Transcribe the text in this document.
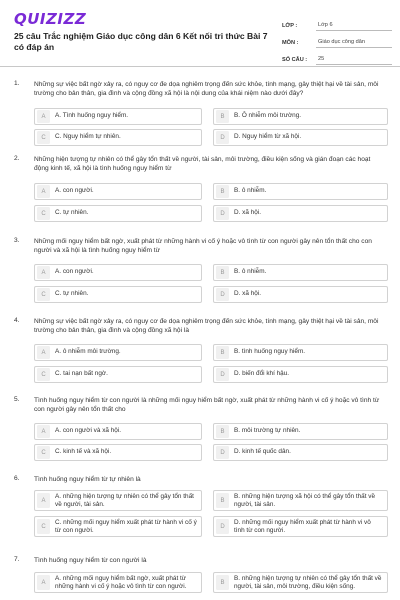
QUIZIZZ
25 câu Trắc nghiệm Giáo dục công dân 6 Kết nối tri thức Bài 7 có đáp án
LỚP :	Lớp 6
MÔN :	Giáo dục công dân
SỐ CÂU :	25
1. Những sự việc bất ngờ xảy ra, có nguy cơ đe dọa nghiêm trọng đến sức khỏe, tính mạng, gây thiệt hại về tài sản, môi trường cho bản thân, gia đình và cộng đồng xã hội là nội dung của khái niệm nào dưới đây?
A	A. Tình huống nguy hiểm.	B	B. Ô nhiễm môi trường.
C	C. Nguy hiểm tự nhiên.	D	D. Nguy hiểm từ xã hội.
2. Những hiện tượng tự nhiên có thể gây tổn thất về người, tài sản, môi trường, điều kiện sống và gián đoạn các hoạt động kinh tế, xã hội là tình huống nguy hiểm từ
A	A. con người.	B	B. ô nhiễm.
C	C. tự nhiên.	D	D. xã hội.
3. Những mối nguy hiểm bất ngờ, xuất phát từ những hành vi cố ý hoặc vô tình từ con người gây nên tổn thất cho con người và xã hội là tình huống nguy hiểm từ
A	A. con người.	B	B. ô nhiễm.
C	C. tự nhiên.	D	D. xã hội.
4. Những sự việc bất ngờ xảy ra, có nguy cơ đe dọa nghiêm trọng đến sức khỏe, tính mạng, gây thiệt hại về tài sản, môi trường cho bản thân, gia đình và cộng đồng xã hội là
A	A. ô nhiễm môi trường.	B	B. tình huống nguy hiểm.
C	C. tai nạn bất ngờ.	D	D. biến đổi khí hậu.
5. Tình huống nguy hiểm từ con người là những mối nguy hiểm bất ngờ, xuất phát từ những hành vi cố ý hoặc vô tình từ con người gây nên tổn thất cho
A	A. con người và xã hội.	B	B. môi trường tự nhiên.
C	C. kinh tế và xã hội.	D	D. kinh tế quốc dân.
6. Tình huống nguy hiểm từ tự nhiên là
A
A. những hiện tượng tự nhiên có thể gây tổn thất về người, tài sản.
B
B. những hiện tượng xã hội có thể gây tổn thất về người, tài sản.
C
C. những mối nguy hiểm xuất phát từ hành vi cố ý từ con người.
D
D. những mối nguy hiểm xuất phát từ hành vi vô tình từ con người.
7. Tình huống nguy hiểm từ con người là
A
A. những mối nguy hiểm bất ngờ, xuất phát từ những hành vi cố ý hoặc vô tình từ con người.
B
B. những hiện tượng tự nhiên có thể gây tổn thất về người, tài sản, môi trường, điều kiện sống.
